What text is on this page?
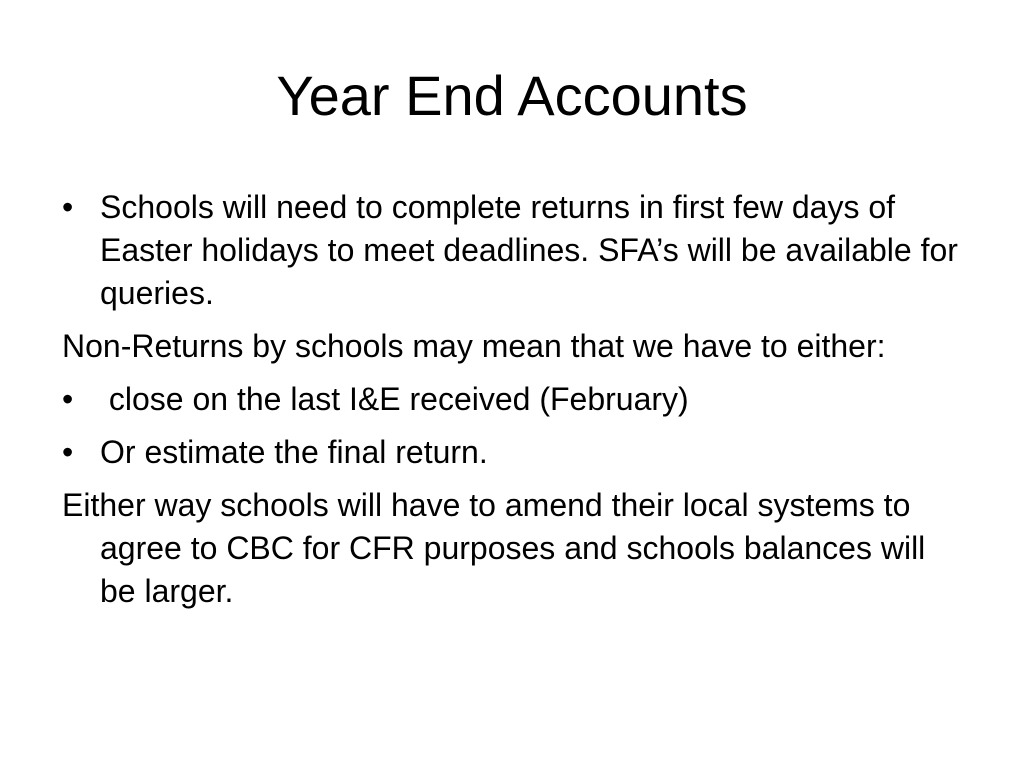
Year End Accounts
• Schools will need to complete returns in first few days of Easter holidays to meet deadlines. SFA’s will be available for queries.
Non-Returns by schools may mean that we have to either:
• close on the last I&E received (February)
• Or estimate the final return.
Either way schools will have to amend their local systems to agree to CBC for CFR purposes and schools balances will be larger.
